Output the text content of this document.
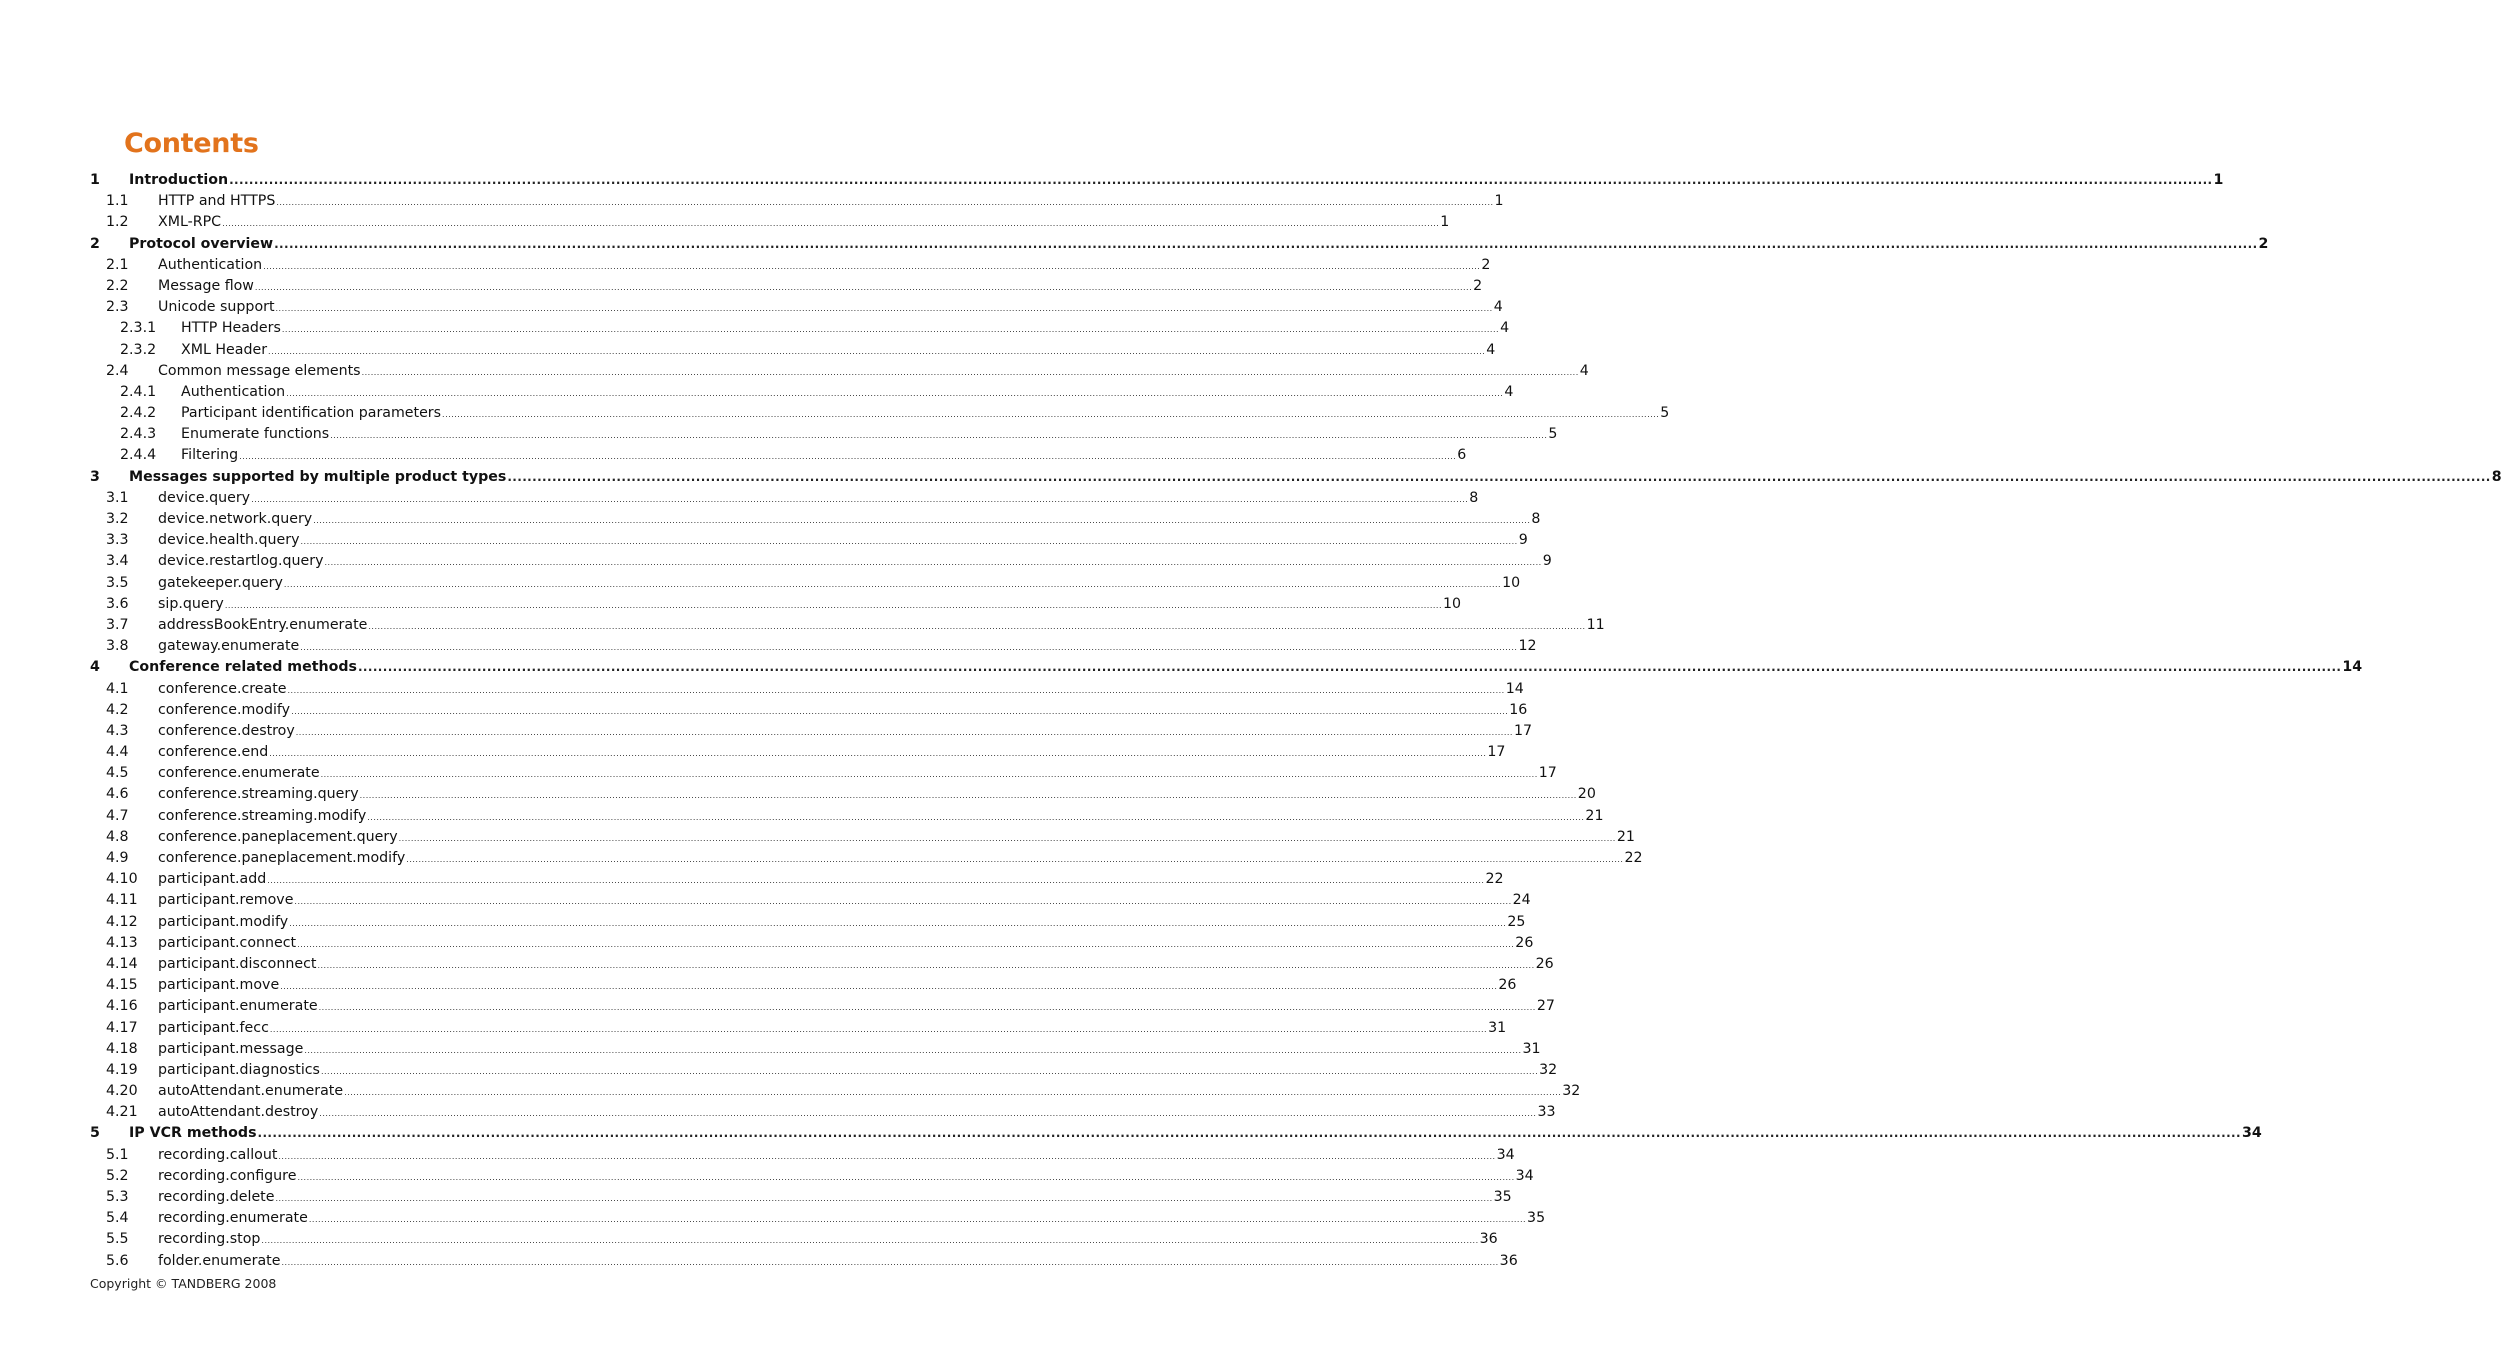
Contents
1	Introduction ................................................................................................................................................................................................................................................................................................................................................................................................................ 1
1.1	HTTP and HTTPS ................................................................................................................................................................................................................................................................................................................................................................................................................ 1
1.2	XML-RPC ................................................................................................................................................................................................................................................................................................................................................................................................................ 1
2	Protocol overview ................................................................................................................................................................................................................................................................................................................................................................................................................ 2
2.1	Authentication ................................................................................................................................................................................................................................................................................................................................................................................................................ 2
2.2	Message flow ................................................................................................................................................................................................................................................................................................................................................................................................................ 2
2.3	Unicode support ................................................................................................................................................................................................................................................................................................................................................................................................................ 4
2.3.1	HTTP Headers ................................................................................................................................................................................................................................................................................................................................................................................................................ 4
2.3.2	XML Header ................................................................................................................................................................................................................................................................................................................................................................................................................ 4
2.4	Common message elements ................................................................................................................................................................................................................................................................................................................................................................................................................ 4
2.4.1	Authentication ................................................................................................................................................................................................................................................................................................................................................................................................................ 4
2.4.2	Participant identification parameters ................................................................................................................................................................................................................................................................................................................................................................................................................ 5
2.4.3	Enumerate functions ................................................................................................................................................................................................................................................................................................................................................................................................................ 5
2.4.4	Filtering ................................................................................................................................................................................................................................................................................................................................................................................................................ 6
3	Messages supported by multiple product types ................................................................................................................................................................................................................................................................................................................................................................................................................ 8
3.1	device.query ................................................................................................................................................................................................................................................................................................................................................................................................................ 8
3.2	device.network.query ................................................................................................................................................................................................................................................................................................................................................................................................................ 8
3.3	device.health.query ................................................................................................................................................................................................................................................................................................................................................................................................................ 9
3.4	device.restartlog.query ................................................................................................................................................................................................................................................................................................................................................................................................................ 9
3.5	gatekeeper.query ................................................................................................................................................................................................................................................................................................................................................................................................................ 10
3.6	sip.query ................................................................................................................................................................................................................................................................................................................................................................................................................ 10
3.7	addressBookEntry.enumerate ................................................................................................................................................................................................................................................................................................................................................................................................................ 11
3.8	gateway.enumerate ................................................................................................................................................................................................................................................................................................................................................................................................................ 12
4	Conference related methods ................................................................................................................................................................................................................................................................................................................................................................................................................ 14
4.1	conference.create ................................................................................................................................................................................................................................................................................................................................................................................................................ 14
4.2	conference.modify ................................................................................................................................................................................................................................................................................................................................................................................................................ 16
4.3	conference.destroy ................................................................................................................................................................................................................................................................................................................................................................................................................ 17
4.4	conference.end ................................................................................................................................................................................................................................................................................................................................................................................................................ 17
4.5	conference.enumerate ................................................................................................................................................................................................................................................................................................................................................................................................................ 17
4.6	conference.streaming.query ................................................................................................................................................................................................................................................................................................................................................................................................................ 20
4.7	conference.streaming.modify ................................................................................................................................................................................................................................................................................................................................................................................................................ 21
4.8	conference.paneplacement.query ................................................................................................................................................................................................................................................................................................................................................................................................................ 21
4.9	conference.paneplacement.modify ................................................................................................................................................................................................................................................................................................................................................................................................................ 22
4.10	participant.add ................................................................................................................................................................................................................................................................................................................................................................................................................ 22
4.11	participant.remove ................................................................................................................................................................................................................................................................................................................................................................................................................ 24
4.12	participant.modify ................................................................................................................................................................................................................................................................................................................................................................................................................ 25
4.13	participant.connect ................................................................................................................................................................................................................................................................................................................................................................................................................ 26
4.14	participant.disconnect ................................................................................................................................................................................................................................................................................................................................................................................................................ 26
4.15	participant.move ................................................................................................................................................................................................................................................................................................................................................................................................................ 26
4.16	participant.enumerate ................................................................................................................................................................................................................................................................................................................................................................................................................ 27
4.17	participant.fecc ................................................................................................................................................................................................................................................................................................................................................................................................................ 31
4.18	participant.message ................................................................................................................................................................................................................................................................................................................................................................................................................ 31
4.19	participant.diagnostics ................................................................................................................................................................................................................................................................................................................................................................................................................ 32
4.20	autoAttendant.enumerate ................................................................................................................................................................................................................................................................................................................................................................................................................ 32
4.21	autoAttendant.destroy ................................................................................................................................................................................................................................................................................................................................................................................................................ 33
5	IP VCR methods ................................................................................................................................................................................................................................................................................................................................................................................................................ 34
5.1	recording.callout ................................................................................................................................................................................................................................................................................................................................................................................................................ 34
5.2	recording.configure ................................................................................................................................................................................................................................................................................................................................................................................................................ 34
5.3	recording.delete ................................................................................................................................................................................................................................................................................................................................................................................................................ 35
5.4	recording.enumerate ................................................................................................................................................................................................................................................................................................................................................................................................................ 35
5.5	recording.stop ................................................................................................................................................................................................................................................................................................................................................................................................................ 36
5.6	folder.enumerate ................................................................................................................................................................................................................................................................................................................................................................................................................ 36
Copyright © TANDBERG 2008
